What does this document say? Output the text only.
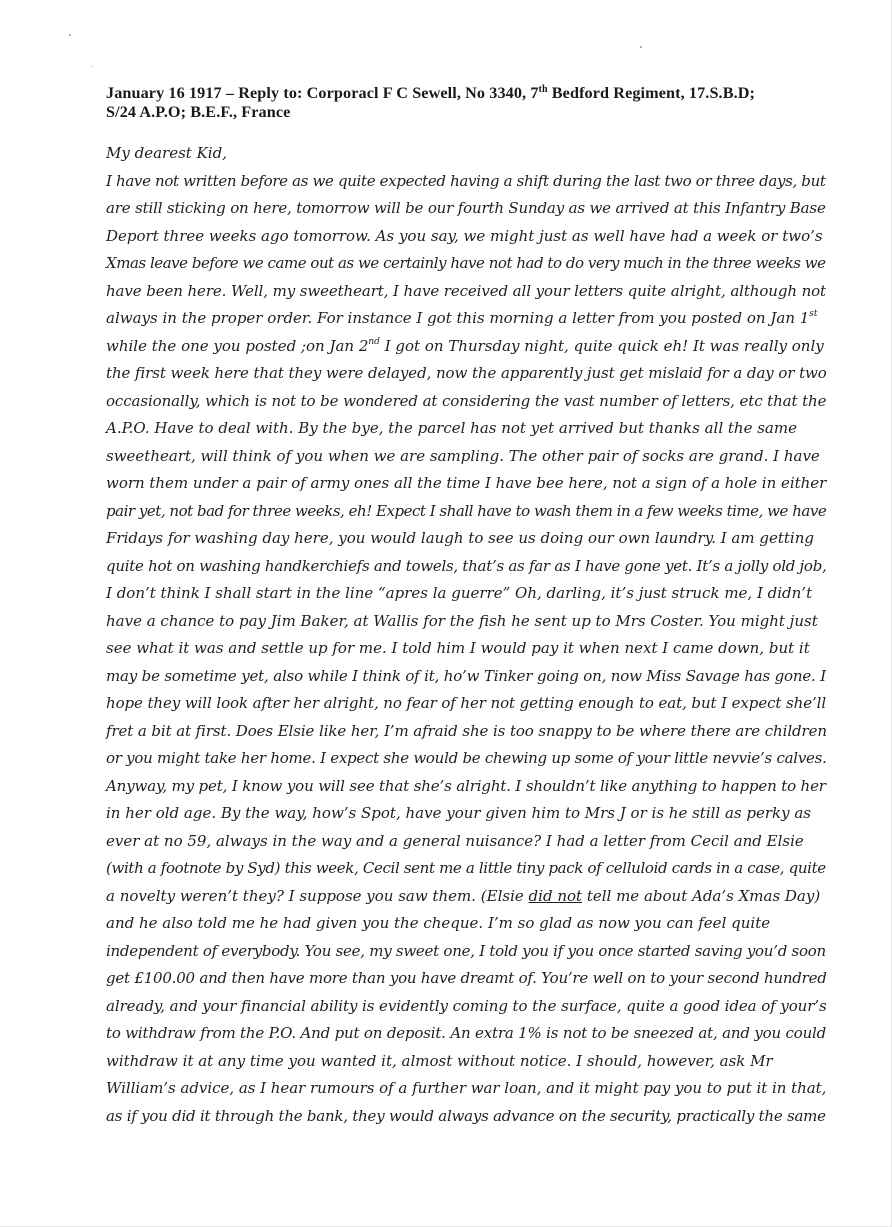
January 16 1917 – Reply to: Corporacl F C Sewell, No 3340, 7th Bedford Regiment, 17.S.B.D;
S/24 A.P.O; B.E.F., France
My dearest Kid,
I have not written before as we quite expected having a shift during the last two or three days, but
are still sticking on here, tomorrow will be our fourth Sunday as we arrived at this Infantry Base
Deport three weeks ago tomorrow. As you say, we might just as well have had a week or two’s
Xmas leave before we came out as we certainly have not had to do very much in the three weeks we
have been here. Well, my sweetheart, I have received all your letters quite alright, although not
always in the proper order. For instance I got this morning a letter from you posted on Jan 1st
while the one you posted ;on Jan 2nd I got on Thursday night, quite quick eh! It was really only
the first week here that they were delayed, now the apparently just get mislaid for a day or two
occasionally, which is not to be wondered at considering the vast number of letters, etc that the
A.P.O. Have to deal with. By the bye, the parcel has not yet arrived but thanks all the same
sweetheart, will think of you when we are sampling. The other pair of socks are grand. I have
worn them under a pair of army ones all the time I have bee here, not a sign of a hole in either
pair yet, not bad for three weeks, eh! Expect I shall have to wash them in a few weeks time, we have
Fridays for washing day here, you would laugh to see us doing our own laundry. I am getting
quite hot on washing handkerchiefs and towels, that’s as far as I have gone yet. It’s a jolly old job,
I don’t think I shall start in the line “apres la guerre” Oh, darling, it’s just struck me, I didn’t
have a chance to pay Jim Baker, at Wallis for the fish he sent up to Mrs Coster. You might just
see what it was and settle up for me. I told him I would pay it when next I came down, but it
may be sometime yet, also while I think of it, ho’w Tinker going on, now Miss Savage has gone. I
hope they will look after her alright, no fear of her not getting enough to eat, but I expect she’ll
fret a bit at first. Does Elsie like her, I’m afraid she is too snappy to be where there are children
or you might take her home. I expect she would be chewing up some of your little nevvie’s calves.
Anyway, my pet, I know you will see that she’s alright. I shouldn’t like anything to happen to her
in her old age. By the way, how’s Spot, have your given him to Mrs J or is he still as perky as
ever at no 59, always in the way and a general nuisance? I had a letter from Cecil and Elsie
(with a footnote by Syd) this week, Cecil sent me a little tiny pack of celluloid cards in a case, quite
a novelty weren’t they? I suppose you saw them. (Elsie did not tell me about Ada’s Xmas Day)
and he also told me he had given you the cheque. I’m so glad as now you can feel quite
independent of everybody. You see, my sweet one, I told you if you once started saving you’d soon
get £100.00 and then have more than you have dreamt of. You’re well on to your second hundred
already, and your financial ability is evidently coming to the surface, quite a good idea of your’s
to withdraw from the P.O. And put on deposit. An extra 1% is not to be sneezed at, and you could
withdraw it at any time you wanted it, almost without notice. I should, however, ask Mr
William’s advice, as I hear rumours of a further war loan, and it might pay you to put it in that,
as if you did it through the bank, they would always advance on the security, practically the same
